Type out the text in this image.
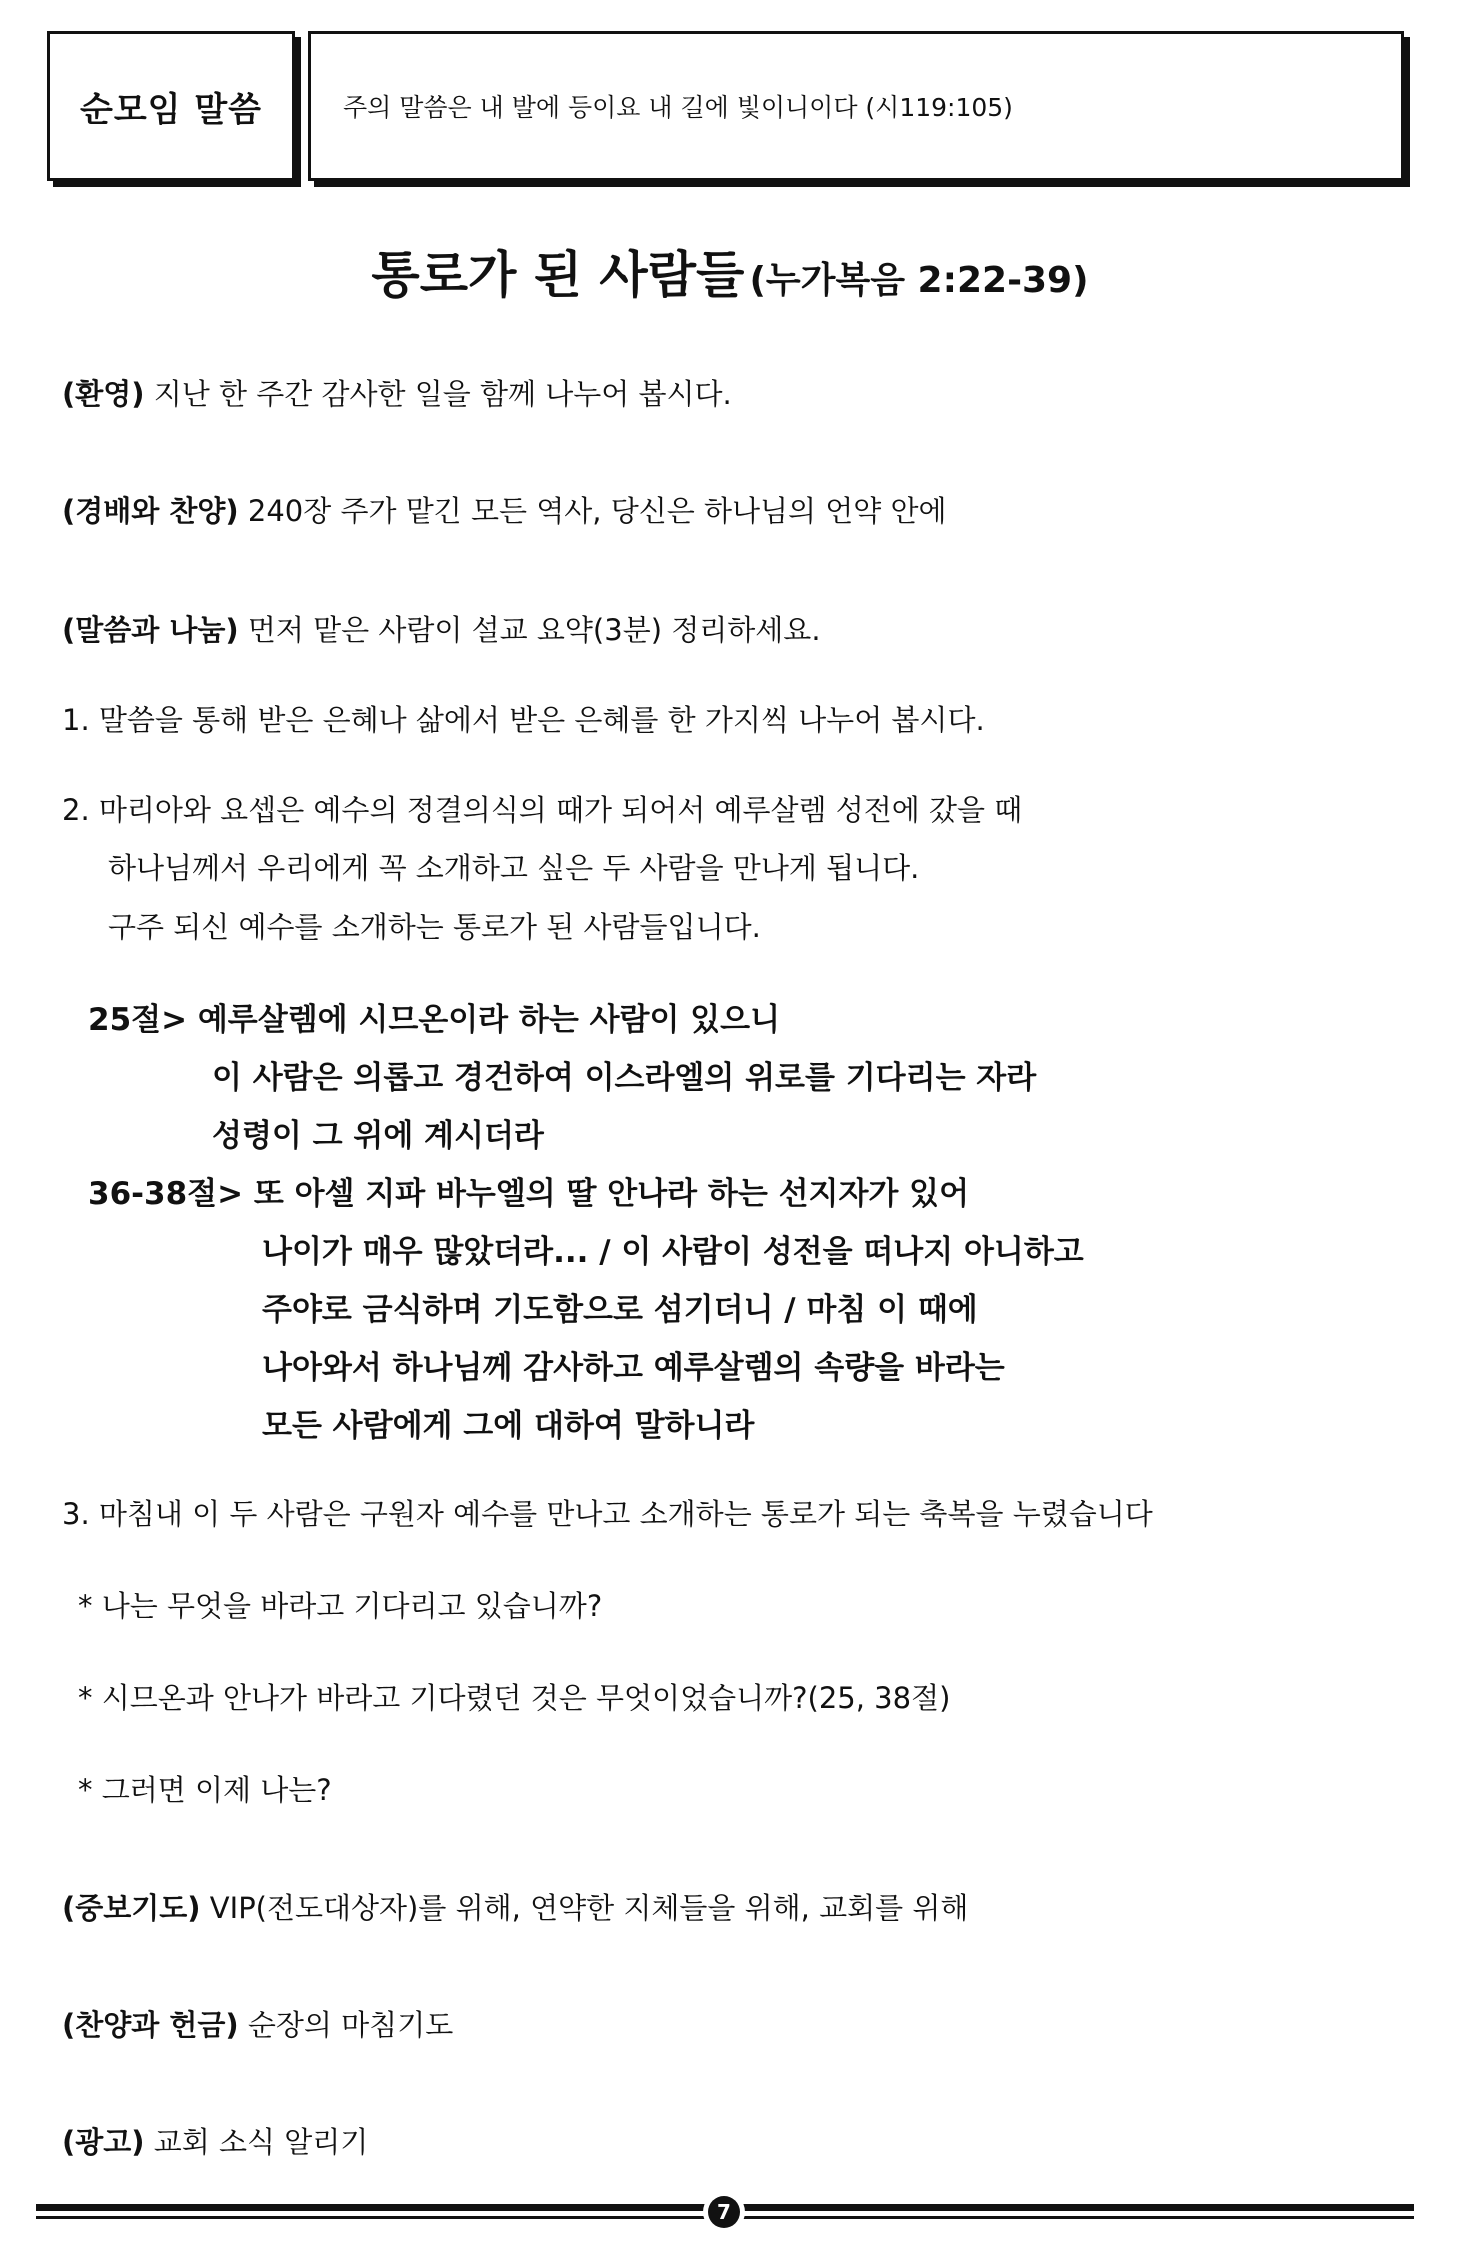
순모임 말씀	주의 말씀은 내 발에 등이요 내 길에 빛이니이다 (시119:105)
통로가 된 사람들 (누가복음 2:22-39)
(환영) 지난 한 주간 감사한 일을 함께 나누어 봅시다.
(경배와 찬양) 240장 주가 맡긴 모든 역사, 당신은 하나님의 언약 안에
(말씀과 나눔) 먼저 맡은 사람이 설교 요약(3분) 정리하세요.
1. 말씀을 통해 받은 은혜나 삶에서 받은 은혜를 한 가지씩 나누어 봅시다.
2. 마리아와 요셉은 예수의 정결의식의 때가 되어서 예루살렘 성전에 갔을 때
하나님께서 우리에게 꼭 소개하고 싶은 두 사람을 만나게 됩니다.
구주 되신 예수를 소개하는 통로가 된 사람들입니다.
25절> 예루살렘에 시므온이라 하는 사람이 있으니
이 사람은 의롭고 경건하여 이스라엘의 위로를 기다리는 자라
성령이 그 위에 계시더라
36-38절> 또 아셀 지파 바누엘의 딸 안나라 하는 선지자가 있어
나이가 매우 많았더라... / 이 사람이 성전을 떠나지 아니하고
주야로 금식하며 기도함으로 섬기더니 / 마침 이 때에
나아와서 하나님께 감사하고 예루살렘의 속량을 바라는
모든 사람에게 그에 대하여 말하니라
3. 마침내 이 두 사람은 구원자 예수를 만나고 소개하는 통로가 되는 축복을 누렸습니다
* 나는 무엇을 바라고 기다리고 있습니까?
* 시므온과 안나가 바라고 기다렸던 것은 무엇이었습니까?(25, 38절)
* 그러면 이제 나는?
(중보기도) VIP(전도대상자)를 위해, 연약한 지체들을 위해, 교회를 위해
(찬양과 헌금) 순장의 마침기도
(광고) 교회 소식 알리기
7
